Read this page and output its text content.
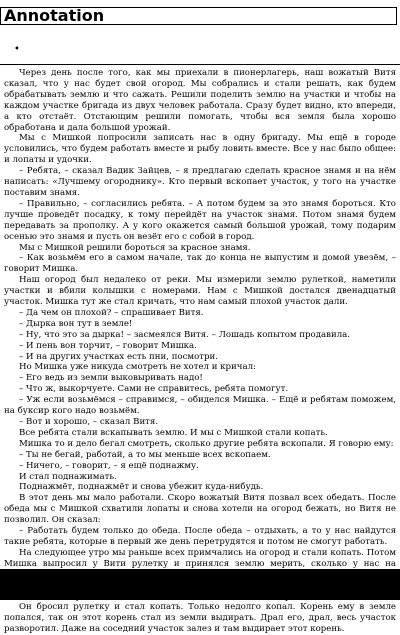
Annotation
•

Через день после того, как мы приехали в пионерлагерь, наш вожатый Витя сказал, что у нас будет свой огород. Мы собрались и стали решать, как будем обрабатывать землю и что сажать. Решили поделить землю на участки и чтобы на каждом участке бригада из двух человек работала. Сразу будет видно, кто впереди, а кто отстаёт. Отстающим решили помогать, чтобы вся земля была хорошо обработана и дала большой урожай.

Мы с Мишкой попросили записать нас в одну бригаду. Мы ещё в городе условились, что будем работать вместе и рыбу ловить вместе. Все у нас было общее: и лопаты и удочки.

– Ребята, – сказал Вадик Зайцев, – я предлагаю сделать красное знамя и на нём написать: «Лучшему огороднику». Кто первый вскопает участок, у того на участке поставим знамя.

– Правильно, – согласились ребята. – А потом будем за это знамя бороться. Кто лучше проведёт посадку, к тому перейдёт на участок знамя. Потом знамя будем передавать за прополку. А у кого окажется самый большой урожай, тому подарим осенью это знамя и пусть он везёт его с собой в город.

Мы с Мишкой решили бороться за красное знамя.

– Как возьмём его в самом начале, так до конца не выпустим и домой увезём, – говорит Мишка.

Наш огород был недалеко от реки. Мы измерили землю рулеткой, наметили участки и вбили колышки с номерами. Нам с Мишкой достался двенадцатый участок. Мишка тут же стал кричать, что нам самый плохой участок дали.

– Да чем он плохой? – спрашивает Витя.

– Дырка вон тут в земле!

– Ну, что это за дырка! – засмеялся Витя. – Лошадь копытом продавила.

– И пень вон торчит, – говорит Мишка.

– И на других участках есть пни, посмотри.

Но Мишка уже никуда смотреть не хотел и кричал:

– Его ведь из земли выковыривать надо!

– Что ж, выкорчуете. Сами не справитесь, ребята помогут.

– Уж если возьмёмся – справимся, – обиделся Мишка. – Ещё и ребятам поможем, на буксир кого надо возьмём.

– Вот и хорошо, – сказал Витя.

Все ребята стали вскапывать землю. И мы с Мишкой стали копать.

Мишка то и дело бегал смотреть, сколько другие ребята вскопали. Я говорю ему:

– Ты не бегай, работай, а то мы меньше всех вскопаем.

– Ничего, – говорит, – я ещё поднажму.

И стал поднажимать.

Поднажмёт, поднажмёт и снова убежит куда-нибудь.

В этот день мы мало работали. Скоро вожатый Витя позвал всех обедать. После обеда мы с Мишкой схватили лопаты и снова хотели на огород бежать, но Витя не позволил. Он сказал:

– Работать будем только до обеда. После обеда – отдыхать, а то у нас найдутся такие ребята, которые в первый же день перетрудятся и потом не смогут работать.

На следующее утро мы раньше всех примчались на огород и стали копать. Потом Мишка выпросил у Вити рулетку и принялся землю мерить, сколько у нас на

Он бросил рулетку и стал копать. Только недолго копал. Корень ему в земле попался, так он этот корень стал из земли выдирать. Драл его, драл, весь участок разворотил. Даже на соседний участок залез и там выдирает этот корень.
